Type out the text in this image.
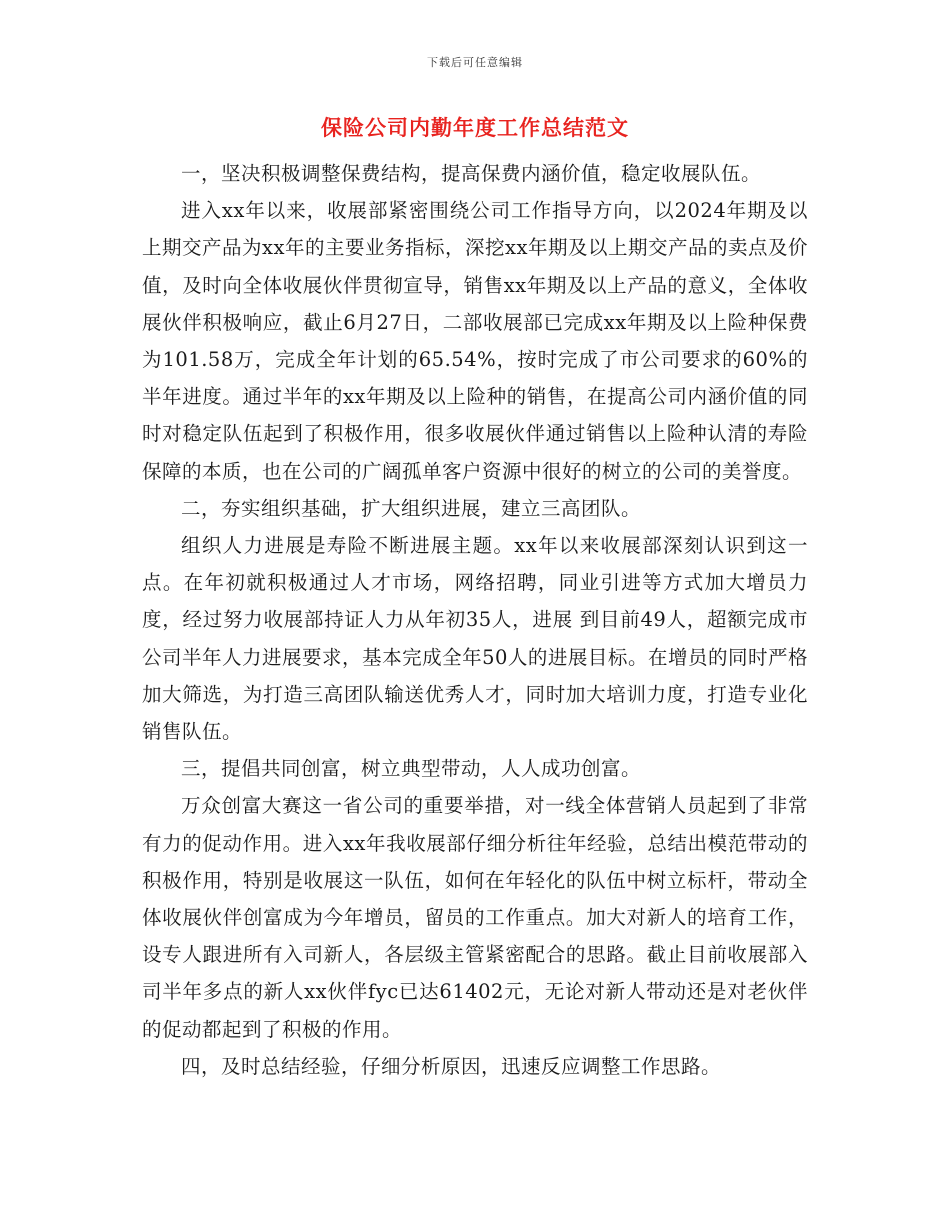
下载后可任意编辑
保险公司内勤年度工作总结范文

一，坚决积极调整保费结构，提高保费内涵价值，稳定收展队伍。

进入xx年以来，收展部紧密围绕公司工作指导方向，以2024年期及以上期交产品为xx年的主要业务指标，深挖xx年期及以上期交产品的卖点及价值，及时向全体收展伙伴贯彻宣导，销售xx年期及以上产品的意义，全体收展伙伴积极响应，截止6月27日，二部收展部已完成xx年期及以上险种保费为101.58万，完成全年计划的65.54%，按时完成了市公司要求的60%的半年进度。通过半年的xx年期及以上险种的销售，在提高公司内涵价值的同时对稳定队伍起到了积极作用，很多收展伙伴通过销售以上险种认清的寿险保障的本质，也在公司的广阔孤单客户资源中很好的树立的公司的美誉度。

二，夯实组织基础，扩大组织进展，建立三高团队。

组织人力进展是寿险不断进展主题。xx年以来收展部深刻认识到这一点。在年初就积极通过人才市场，网络招聘，同业引进等方式加大增员力度，经过努力收展部持证人力从年初35人，进展 到目前49人，超额完成市公司半年人力进展要求，基本完成全年50人的进展目标。在增员的同时严格加大筛选，为打造三高团队输送优秀人才，同时加大培训力度，打造专业化销售队伍。

三，提倡共同创富，树立典型带动，人人成功创富。

万众创富大赛这一省公司的重要举措，对一线全体营销人员起到了非常有力的促动作用。进入xx年我收展部仔细分析往年经验，总结出模范带动的积极作用，特别是收展这一队伍，如何在年轻化的队伍中树立标杆，带动全体收展伙伴创富成为今年增员，留员的工作重点。加大对新人的培育工作，设专人跟进所有入司新人，各层级主管紧密配合的思路。截止目前收展部入司半年多点的新人xx伙伴fyc已达61402元，无论对新人带动还是对老伙伴的促动都起到了积极的作用。

四，及时总结经验，仔细分析原因，迅速反应调整工作思路。
